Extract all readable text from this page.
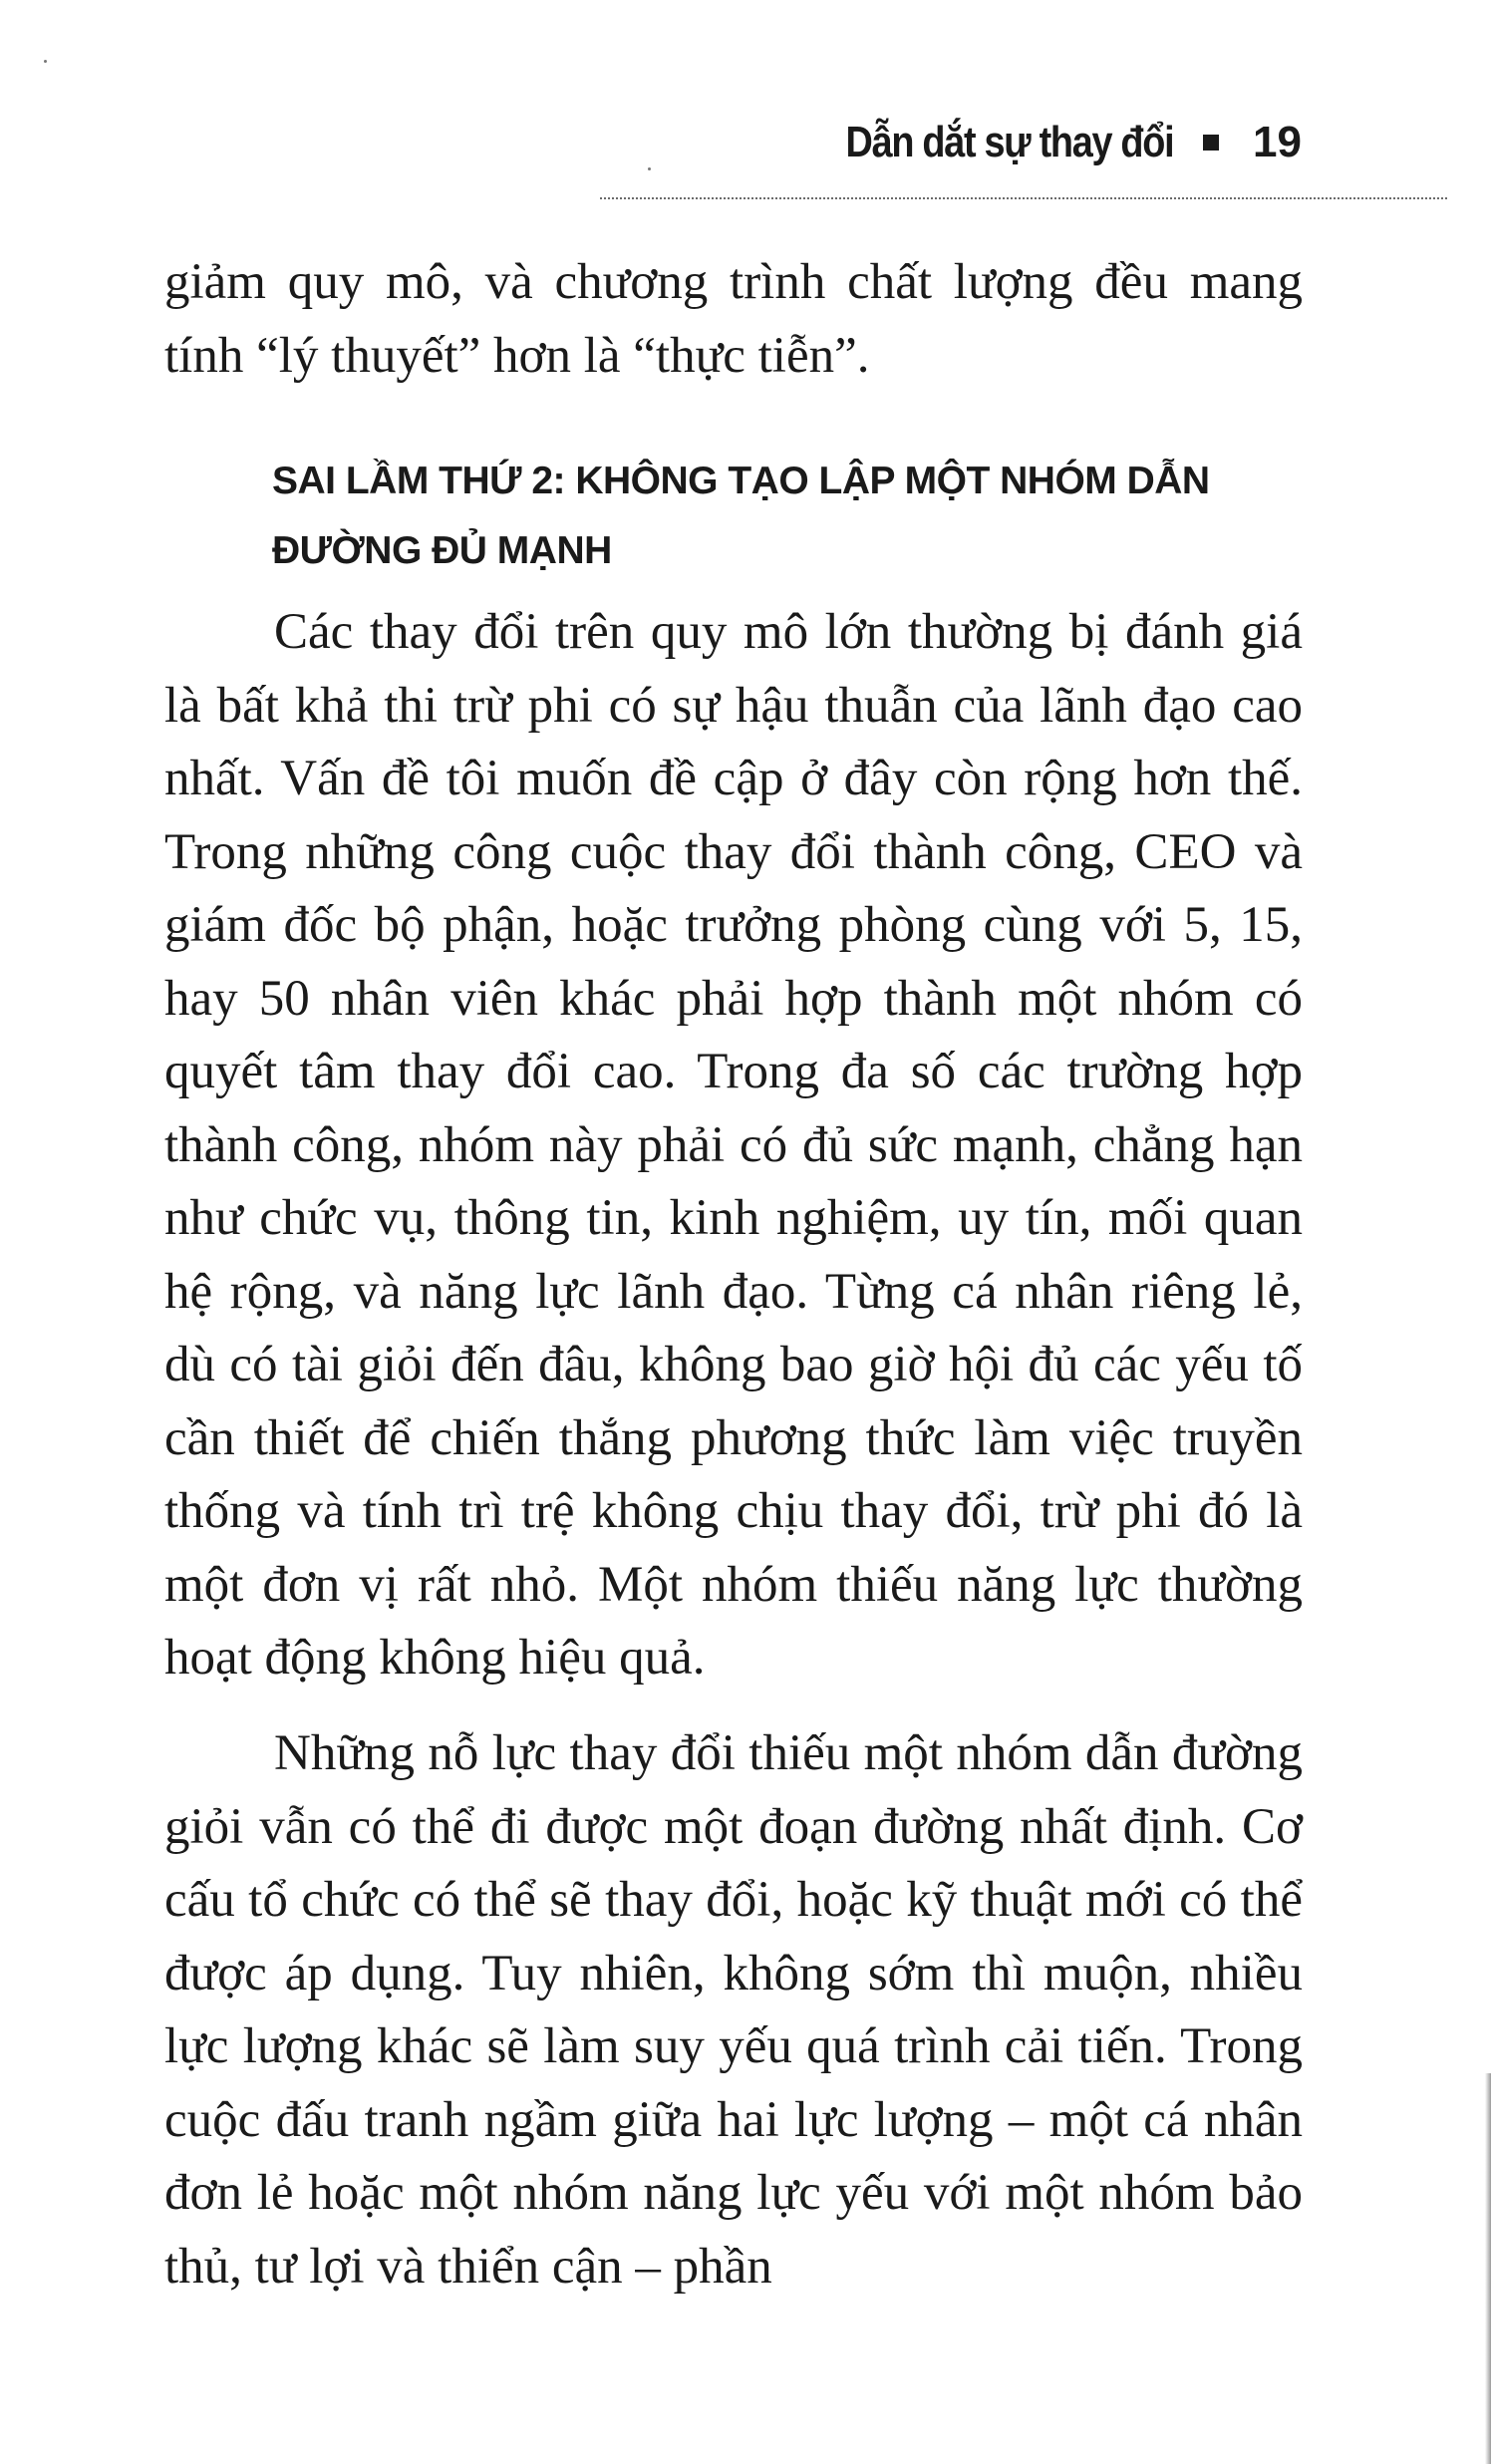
Dẫn dắt sự thay đổi 19

giảm quy mô, và chương trình chất lượng đều mang tính “lý thuyết” hơn là “thực tiễn”.

SAI LẦM THỨ 2: KHÔNG TẠO LẬP MỘT NHÓM DẪN
ĐƯỜNG ĐỦ MẠNH

Các thay đổi trên quy mô lớn thường bị đánh giá là bất khả thi trừ phi có sự hậu thuẫn của lãnh đạo cao nhất. Vấn đề tôi muốn đề cập ở đây còn rộng hơn thế. Trong những công cuộc thay đổi thành công, CEO và giám đốc bộ phận, hoặc trưởng phòng cùng với 5, 15, hay 50 nhân viên khác phải hợp thành một nhóm có quyết tâm thay đổi cao. Trong đa số các trường hợp thành công, nhóm này phải có đủ sức mạnh, chẳng hạn như chức vụ, thông tin, kinh nghiệm, uy tín, mối quan hệ rộng, và năng lực lãnh đạo. Từng cá nhân riêng lẻ, dù có tài giỏi đến đâu, không bao giờ hội đủ các yếu tố cần thiết để chiến thắng phương thức làm việc truyền thống và tính trì trệ không chịu thay đổi, trừ phi đó là một đơn vị rất nhỏ. Một nhóm thiếu năng lực thường hoạt động không hiệu quả.

Những nỗ lực thay đổi thiếu một nhóm dẫn đường giỏi vẫn có thể đi được một đoạn đường nhất định. Cơ cấu tổ chức có thể sẽ thay đổi, hoặc kỹ thuật mới có thể được áp dụng. Tuy nhiên, không sớm thì muộn, nhiều lực lượng khác sẽ làm suy yếu quá trình cải tiến. Trong cuộc đấu tranh ngầm giữa hai lực lượng – một cá nhân đơn lẻ hoặc một nhóm năng lực yếu với một nhóm bảo thủ, tư lợi và thiển cận – phần
